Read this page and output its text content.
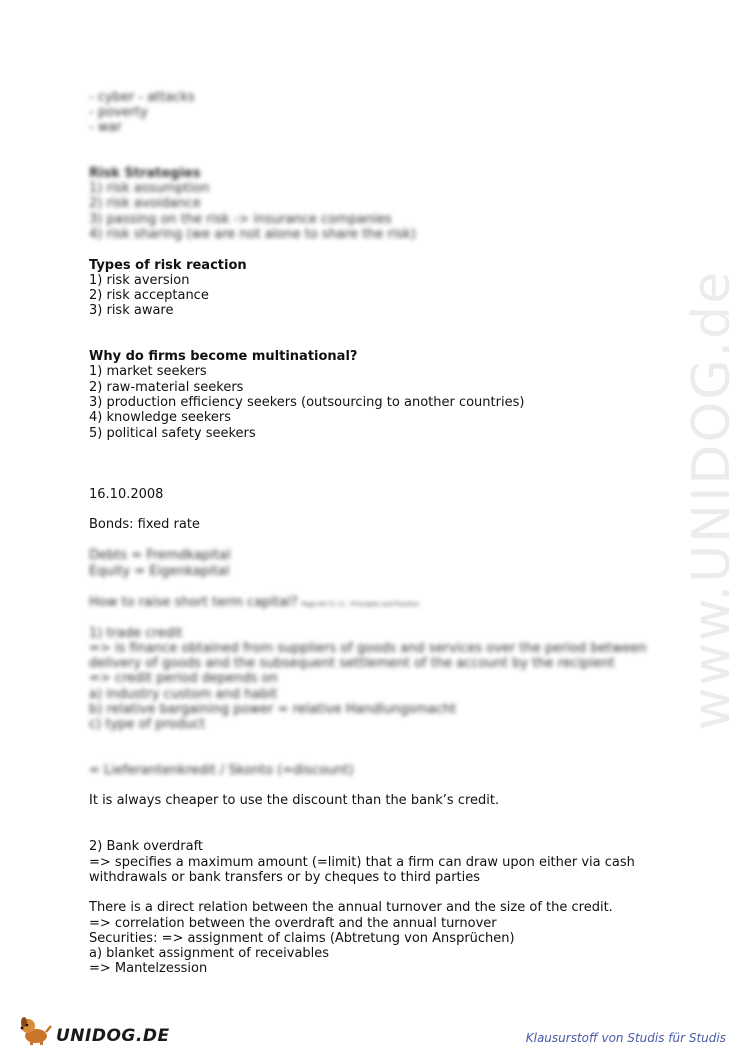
www.UNIDOG.de
- cyber - attacks
- poverty
- war
Risk Strategies
1) risk assumption
2) risk avoidance
3) passing on the risk -> insurance companies
4) risk sharing (we are not alone to share the risk)
Types of risk reaction
1) risk aversion
2) risk acceptance
3) risk aware
Why do firms become multinational?
1) market seekers
2) raw-material seekers
3) production efficiency seekers (outsourcing to another countries)
4) knowledge seekers
5) political safety seekers
16.10.2008
Bonds: fixed rate
Debts = Fremdkapital
Equity = Eigenkapital
How to raise short term capital? Page 64-71 11 - Principles and Practice
1) trade credit
=> is finance obtained from suppliers of goods and services over the period between
delivery of goods and the subsequent settlement of the account by the recipient
=> credit period depends on
a) industry custom and habit
b) relative bargaining power = relative Handlungsmacht
c) type of product
= Lieferantenkredit / Skonto (=discount)
It is always cheaper to use the discount than the bank’s credit.
2) Bank overdraft
=> specifies a maximum amount (=limit) that a firm can draw upon either via cash
withdrawals or bank transfers or by cheques to third parties
There is a direct relation between the annual turnover and the size of the credit.
=> correlation between the overdraft and the annual turnover
Securities: => assignment of claims (Abtretung von Ansprüchen)
a) blanket assignment of receivables
=> Mantelzession
UNIDOG.DE	Klausurstoff von Studis für Studis
